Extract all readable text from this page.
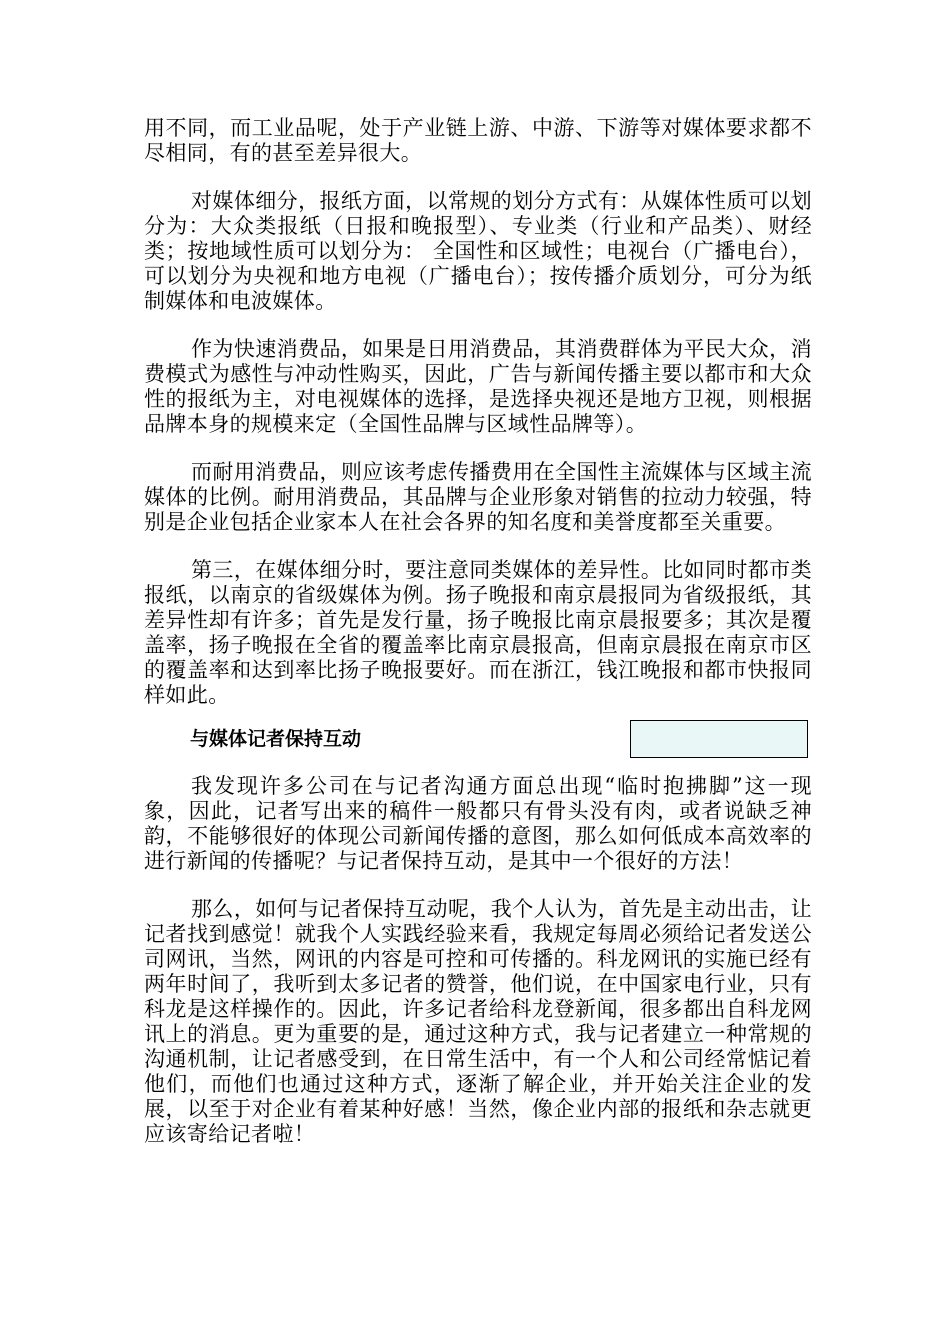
用不同，而工业品呢，处于产业链上游、中游、下游等对媒体要求都不尽相同，有的甚至差异很大。

对媒体细分，报纸方面，以常规的划分方式有：从媒体性质可以划分为：大众类报纸（日报和晚报型）、专业类（行业和产品类）、财经类；按地域性质可以划分为： 全国性和区域性；电视台（广播电台），可以划分为央视和地方电视（广播电台）；按传播介质划分，可分为纸制媒体和电波媒体。

作为快速消费品，如果是日用消费品，其消费群体为平民大众，消费模式为感性与冲动性购买，因此，广告与新闻传播主要以都市和大众性的报纸为主，对电视媒体的选择，是选择央视还是地方卫视，则根据品牌本身的规模来定（全国性品牌与区域性品牌等）。

而耐用消费品，则应该考虑传播费用在全国性主流媒体与区域主流媒体的比例。耐用消费品，其品牌与企业形象对销售的拉动力较强，特别是企业包括企业家本人在社会各界的知名度和美誉度都至关重要。

第三，在媒体细分时，要注意同类媒体的差异性。比如同时都市类报纸，以南京的省级媒体为例。扬子晚报和南京晨报同为省级报纸，其差异性却有许多；首先是发行量，扬子晚报比南京晨报要多；其次是覆盖率，扬子晚报在全省的覆盖率比南京晨报高，但南京晨报在南京市区的覆盖率和达到率比扬子晚报要好。而在浙江，钱江晚报和都市快报同样如此。

与媒体记者保持互动

我发现许多公司在与记者沟通方面总出现“临时抱拂脚”这一现象，因此，记者写出来的稿件一般都只有骨头没有肉，或者说缺乏神韵，不能够很好的体现公司新闻传播的意图，那么如何低成本高效率的进行新闻的传播呢？与记者保持互动，是其中一个很好的方法！

那么，如何与记者保持互动呢，我个人认为，首先是主动出击，让记者找到感觉！就我个人实践经验来看，我规定每周必须给记者发送公司网讯，当然，网讯的内容是可控和可传播的。科龙网讯的实施已经有两年时间了，我听到太多记者的赞誉，他们说，在中国家电行业，只有科龙是这样操作的。因此，许多记者给科龙登新闻，很多都出自科龙网讯上的消息。更为重要的是，通过这种方式，我与记者建立一种常规的沟通机制，让记者感受到，在日常生活中，有一个人和公司经常惦记着他们，而他们也通过这种方式，逐渐了解企业，并开始关注企业的发展，以至于对企业有着某种好感！当然，像企业内部的报纸和杂志就更应该寄给记者啦！
